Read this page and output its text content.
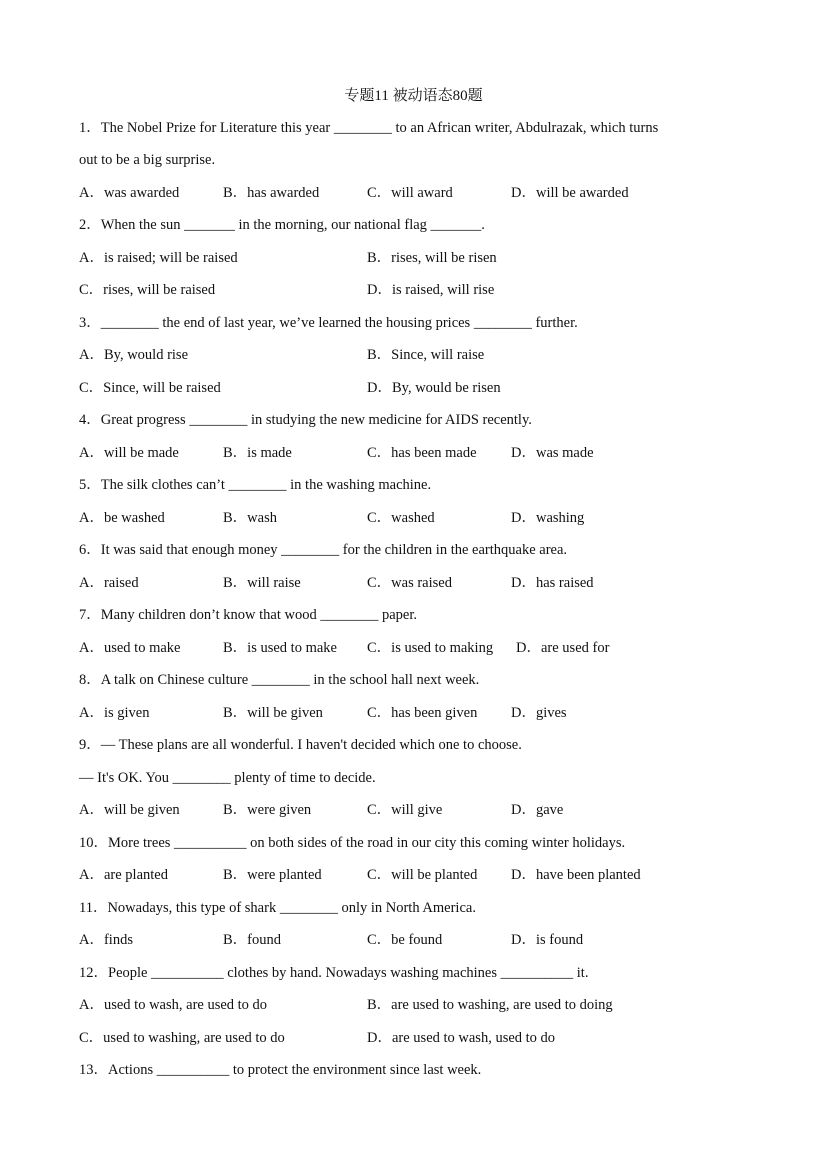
专题11 被动语态80题
1．The Nobel Prize for Literature this year ________ to an African writer, Abdulrazak, which turns
out to be a big surprise.
A．was awarded	B．has awarded	C．will award	D．will be awarded
2．When the sun _______ in the morning, our national flag _______.
A．is raised; will be raised	B．rises, will be risen
C．rises, will be raised	D．is raised, will rise
3．________ the end of last year, we’ve learned the housing prices ________ further.
A．By, would rise	B．Since, will raise
C．Since, will be raised	D．By, would be risen
4．Great progress ________ in studying the new medicine for AIDS recently.
A．will be made	B．is made	C．has been made D．was made
5．The silk clothes can’t ________ in the washing machine.
A．be washed	B．wash	C．washed	D．washing
6．It was said that enough money ________ for the children in the earthquake area.
A．raised	B．will raise	C．was raised	D．has raised
7．Many children don’t know that wood ________ paper.
A．used to make	B．is used to make C．is used to making D．are used for
8．A talk on Chinese culture ________ in the school hall next week.
A．is given	B．will be given	C．has been given D．gives
9．— These plans are all wonderful. I haven't decided which one to choose.
— It's OK. You ________ plenty of time to decide.
A．will be given	B．were given	C．will give	D．gave
10．More trees __________ on both sides of the road in our city this coming winter holidays.
A．are planted	B．were planted	C．will be planted D．have been planted
11．Nowadays, this type of shark ________ only in North America.
A．finds	B．found	C．be found	D．is found
12．People __________ clothes by hand. Nowadays washing machines __________ it.
A．used to wash, are used to do	B．are used to washing, are used to doing
C．used to washing, are used to do	D．are used to wash, used to do
13．Actions __________ to protect the environment since last week.
